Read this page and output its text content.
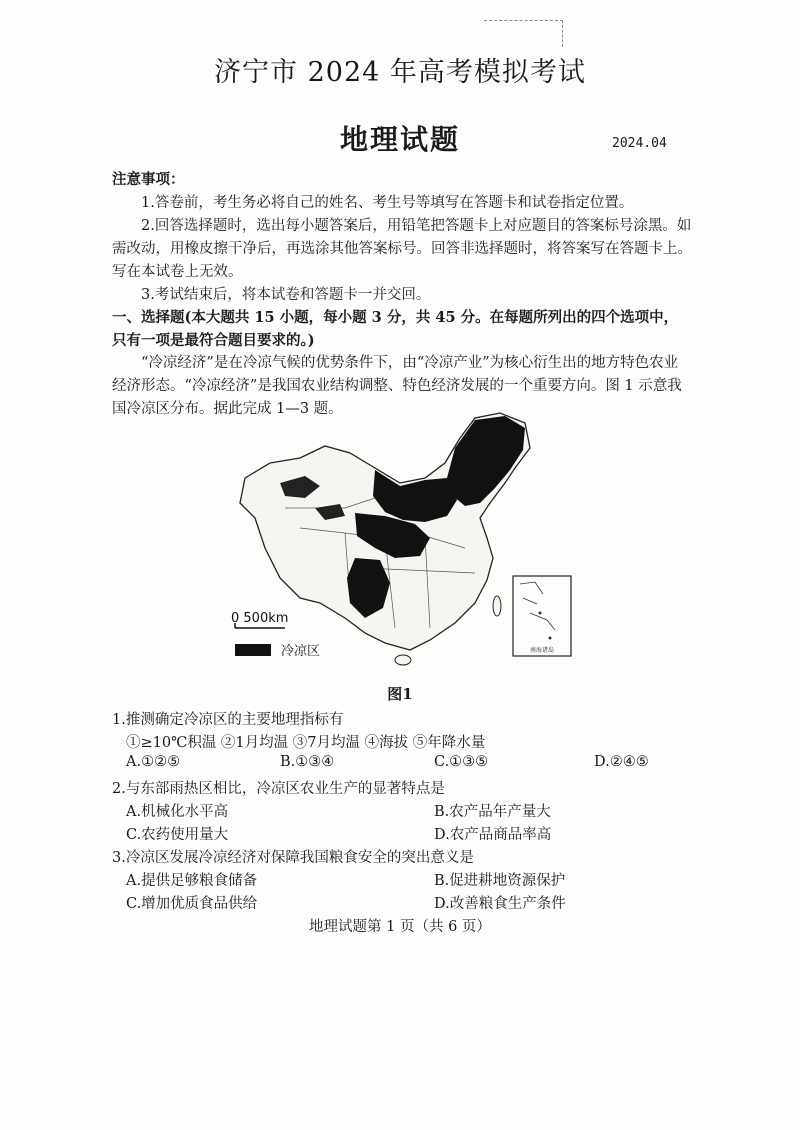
济宁市 2024 年高考模拟考试
地理试题	2024.04
注意事项：
1.答卷前，考生务必将自己的姓名、考生号等填写在答题卡和试卷指定位置。
2.回答选择题时，选出每小题答案后，用铅笔把答题卡上对应题目的答案标号涂黑。如需改动，用橡皮擦干净后，再选涂其他答案标号。回答非选择题时，将答案写在答题卡上。写在本试卷上无效。
3.考试结束后，将本试卷和答题卡一并交回。
一、选择题(本大题共 15 小题，每小题 3 分，共 45 分。在每题所列出的四个选项中，只有一项是最符合题目要求的。)
“冷凉经济”是在冷凉气候的优势条件下，由“冷凉产业”为核心衍生出的地方特色农业经济形态。“冷凉经济”是我国农业结构调整、特色经济发展的一个重要方向。图 1 示意我国冷凉区分布。据此完成 1—3 题。
南海诸岛
0 500km
冷凉区
图1
1.推测确定冷凉区的主要地理指标有
①≥10℃积温 ②1月均温 ③7月均温 ④海拔 ⑤年降水量
A.①②⑤	B.①③④	C.①③⑤	D.②④⑤
2.与东部雨热区相比，冷凉区农业生产的显著特点是
A.机械化水平高	B.农产品年产量大
C.农药使用量大	D.农产品商品率高
3.冷凉区发展冷凉经济对保障我国粮食安全的突出意义是
A.提供足够粮食储备	B.促进耕地资源保护
C.增加优质食品供给	D.改善粮食生产条件
地理试题第 1 页（共 6 页）
